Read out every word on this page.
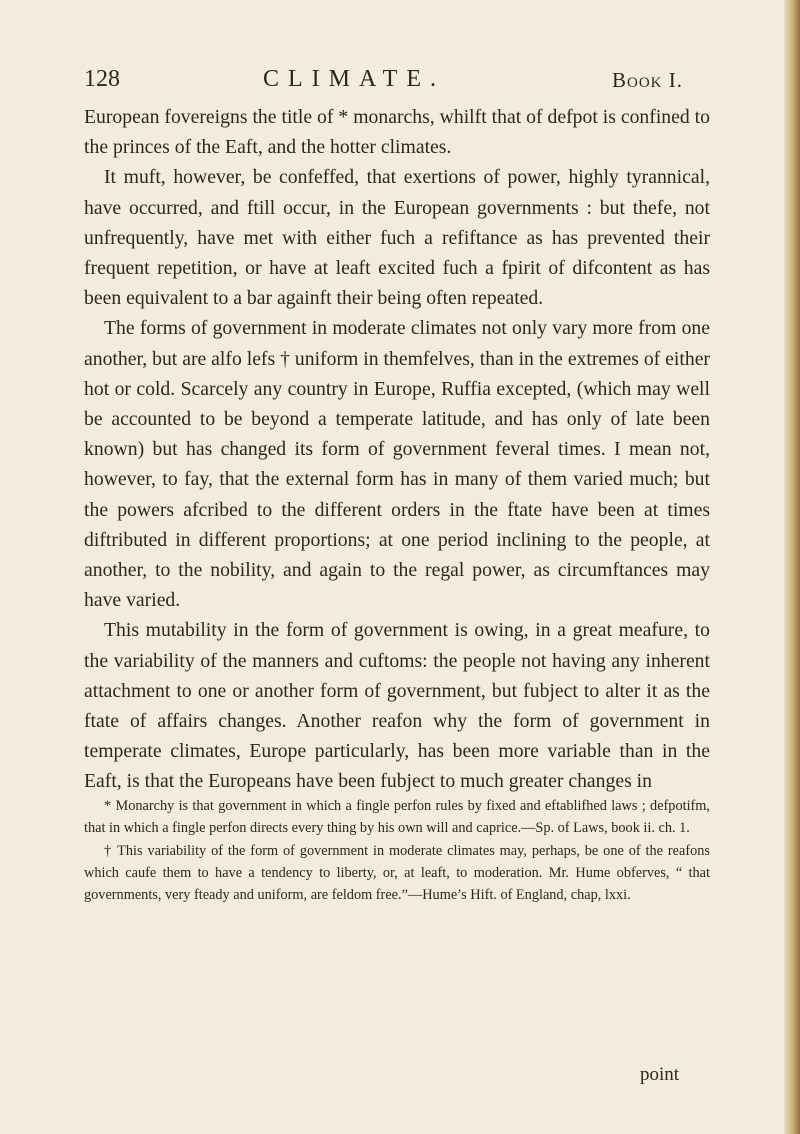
128	CLIMATE.	Book I.

European fovereigns the title of * monarchs, whilft that of defpot is confined to the princes of the Eaft, and the hotter climates.

It muft, however, be confeffed, that exertions of power, highly tyrannical, have occurred, and ftill occur, in the European governments : but thefe, not unfrequently, have met with either fuch a refiftance as has prevented their frequent repetition, or have at leaft excited fuch a fpirit of difcontent as has been equivalent to a bar againft their being often repeated.

The forms of government in moderate climates not only vary more from one another, but are alfo lefs † uniform in themfelves, than in the extremes of either hot or cold. Scarcely any country in Europe, Ruffia excepted, (which may well be accounted to be beyond a temperate latitude, and has only of late been known) but has changed its form of government feveral times. I mean not, however, to fay, that the external form has in many of them varied much; but the powers afcribed to the different orders in the ftate have been at times diftributed in different proportions; at one period inclining to the people, at another, to the nobility, and again to the regal power, as circumftances may have varied.

This mutability in the form of government is owing, in a great meafure, to the variability of the manners and cuftoms: the people not having any inherent attachment to one or another form of government, but fubject to alter it as the ftate of affairs changes. Another reafon why the form of government in temperate climates, Europe particularly, has been more variable than in the Eaft, is that the Europeans have been fubject to much greater changes in

* Monarchy is that government in which a fingle perfon rules by fixed and eftablifhed laws ; defpotifm, that in which a fingle perfon directs every thing by his own will and caprice.—Sp. of Laws, book ii. ch. 1.

† This variability of the form of government in moderate climates may, perhaps, be one of the reafons which caufe them to have a tendency to liberty, or, at leaft, to moderation. Mr. Hume obferves, “ that governments, very fteady and uniform, are feldom free.”—Hume’s Hift. of England, chap, lxxi.

point
